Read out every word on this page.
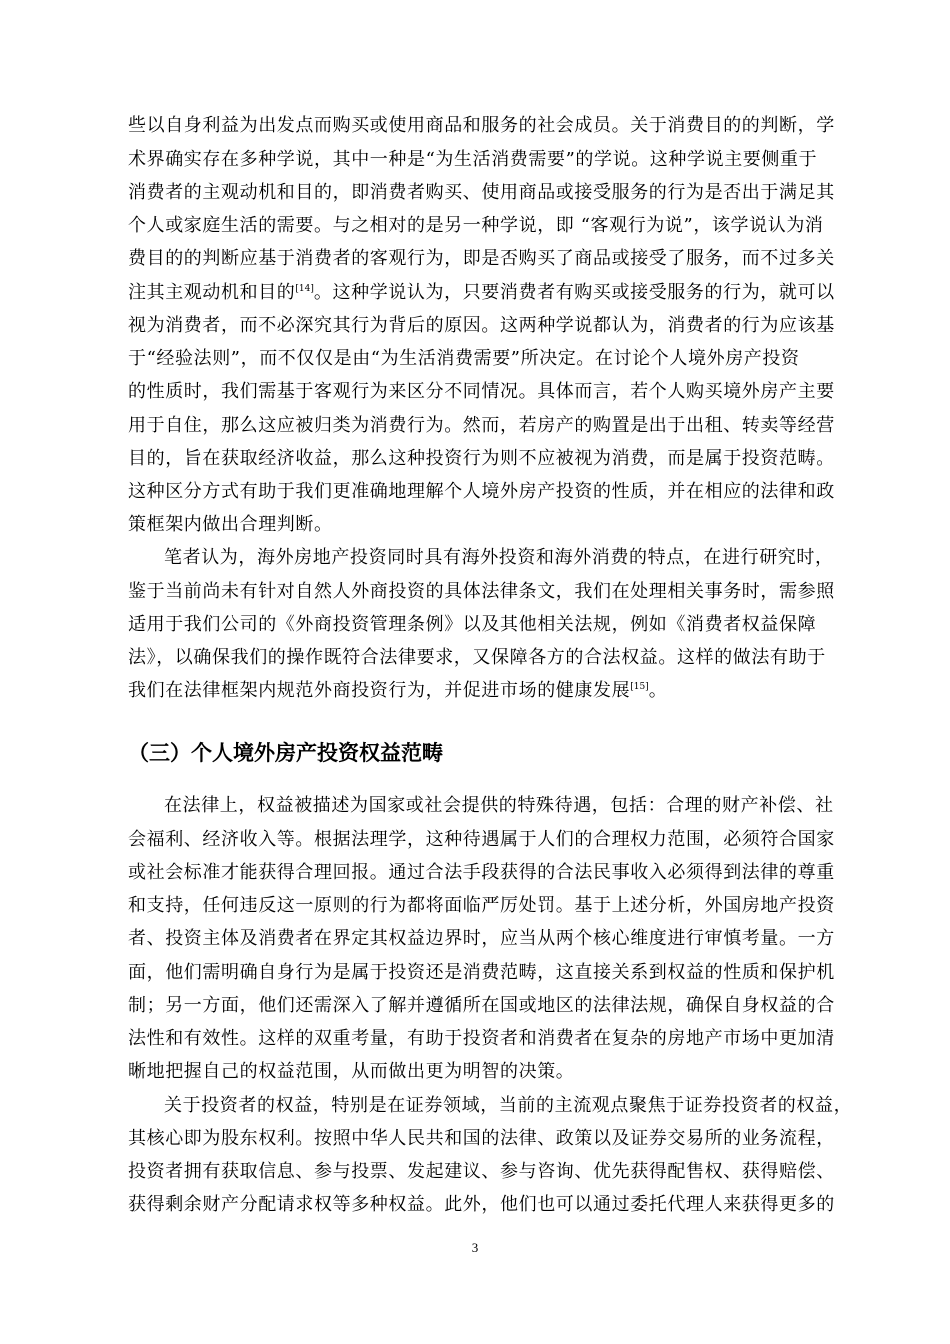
些以自身利益为出发点而购买或使用商品和服务的社会成员。关于消费目的的判断，学
术界确实存在多种学说，其中一种是“为生活消费需要”的学说。这种学说主要侧重于
消费者的主观动机和目的，即消费者购买、使用商品或接受服务的行为是否出于满足其
个人或家庭生活的需要。与之相对的是另一种学说，即 “客观行为说”，该学说认为消
费目的的判断应基于消费者的客观行为，即是否购买了商品或接受了服务，而不过多关
注其主观动机和目的[14]。这种学说认为，只要消费者有购买或接受服务的行为，就可以
视为消费者，而不必深究其行为背后的原因。这两种学说都认为，消费者的行为应该基
于“经验法则”，而不仅仅是由“为生活消费需要”所决定。在讨论个人境外房产投资
的性质时，我们需基于客观行为来区分不同情况。具体而言，若个人购买境外房产主要
用于自住，那么这应被归类为消费行为。然而，若房产的购置是出于出租、转卖等经营
目的，旨在获取经济收益，那么这种投资行为则不应被视为消费，而是属于投资范畴。
这种区分方式有助于我们更准确地理解个人境外房产投资的性质，并在相应的法律和政
策框架内做出合理判断。
笔者认为，海外房地产投资同时具有海外投资和海外消费的特点，在进行研究时，
鉴于当前尚未有针对自然人外商投资的具体法律条文，我们在处理相关事务时，需参照
适用于我们公司的《外商投资管理条例》以及其他相关法规，例如《消费者权益保障
法》，以确保我们的操作既符合法律要求，又保障各方的合法权益。这样的做法有助于
我们在法律框架内规范外商投资行为，并促进市场的健康发展[15]。
（三）个人境外房产投资权益范畴
在法律上，权益被描述为国家或社会提供的特殊待遇，包括：合理的财产补偿、社
会福利、经济收入等。根据法理学，这种待遇属于人们的合理权力范围，必须符合国家
或社会标准才能获得合理回报。通过合法手段获得的合法民事收入必须得到法律的尊重
和支持，任何违反这一原则的行为都将面临严厉处罚。基于上述分析，外国房地产投资
者、投资主体及消费者在界定其权益边界时，应当从两个核心维度进行审慎考量。一方
面，他们需明确自身行为是属于投资还是消费范畴，这直接关系到权益的性质和保护机
制；另一方面，他们还需深入了解并遵循所在国或地区的法律法规，确保自身权益的合
法性和有效性。这样的双重考量，有助于投资者和消费者在复杂的房地产市场中更加清
晰地把握自己的权益范围，从而做出更为明智的决策。
关于投资者的权益，特别是在证券领域，当前的主流观点聚焦于证券投资者的权益，
其核心即为股东权利。按照中华人民共和国的法律、政策以及证券交易所的业务流程，
投资者拥有获取信息、参与投票、发起建议、参与咨询、优先获得配售权、获得赔偿、
获得剩余财产分配请求权等多种权益。此外，他们也可以通过委托代理人来获得更多的
3
